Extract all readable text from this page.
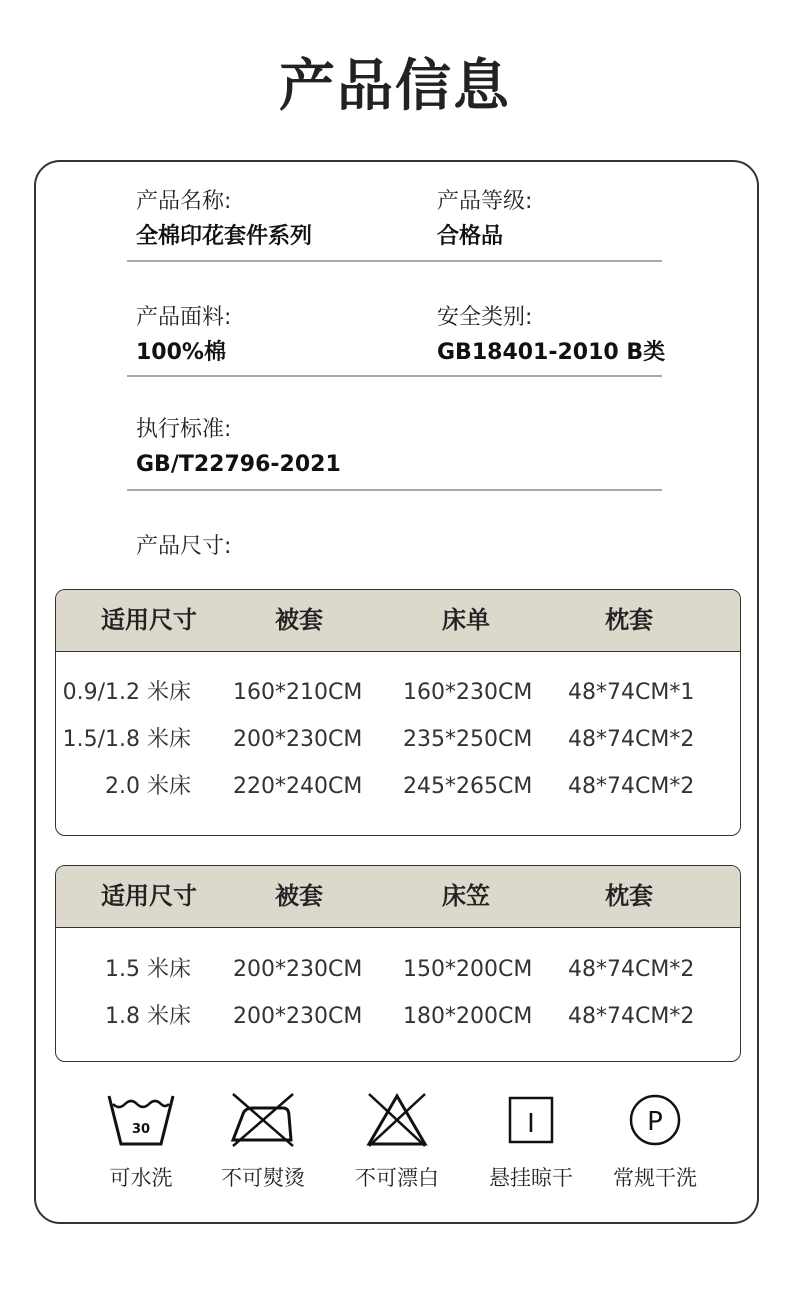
产品信息
产品名称:
全棉印花套件系列
产品等级:
合格品
产品面料:
100%棉
安全类别:
GB18401-2010 B类
执行标准:
GB/T22796-2021
产品尺寸:
适用尺寸	被套	床单	枕套
0.9/1.2 米床 160*210CM 160*230CM 48*74CM*1
1.5/1.8 米床 200*230CM 235*250CM 48*74CM*2
2.0 米床 220*240CM 245*265CM 48*74CM*2
适用尺寸	被套	床笠	枕套
1.5 米床 200*230CM 150*200CM 48*74CM*2
1.8 米床 200*230CM 180*200CM 48*74CM*2
30
可水洗	不可熨烫	不可漂白
I
悬挂晾干
P
常规干洗
